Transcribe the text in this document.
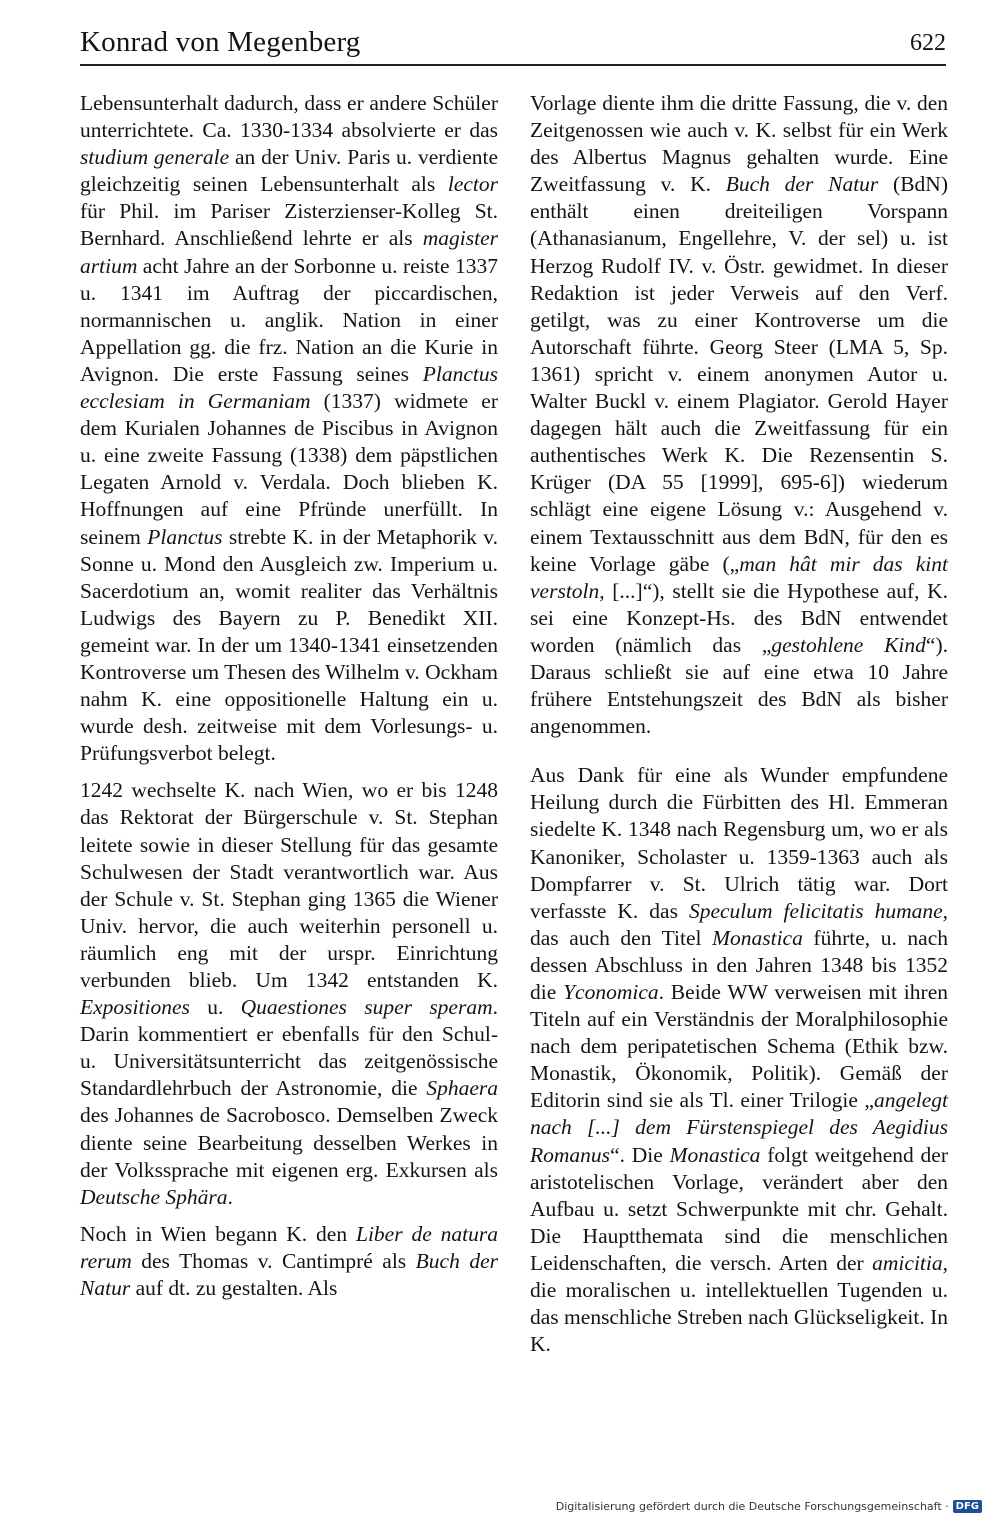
Konrad von Megenberg	622

Lebensunterhalt dadurch, dass er andere Schüler unterrichtete. Ca. 1330-1334 absolvierte er das studium generale an der Univ. Paris u. verdiente gleichzeitig seinen Lebensunterhalt als lector für Phil. im Pariser Zisterzienser-Kolleg St. Bernhard. Anschließend lehrte er als magister artium acht Jahre an der Sorbonne u. reiste 1337 u. 1341 im Auftrag der piccardischen, normannischen u. anglik. Nation in einer Appellation gg. die frz. Nation an die Kurie in Avignon. Die erste Fassung seines Planctus ecclesiam in Germaniam (1337) widmete er dem Kurialen Johannes de Piscibus in Avignon u. eine zweite Fassung (1338) dem päpstlichen Legaten Arnold v. Verdala. Doch blieben K. Hoffnungen auf eine Pfründe unerfüllt. In seinem Planctus strebte K. in der Metaphorik v. Sonne u. Mond den Ausgleich zw. Imperium u. Sacerdotium an, womit realiter das Verhältnis Ludwigs des Bayern zu P. Benedikt XII. gemeint war. In der um 1340-1341 einsetzenden Kontroverse um Thesen des Wilhelm v. Ockham nahm K. eine oppositionelle Haltung ein u. wurde desh. zeitweise mit dem Vorlesungs- u. Prüfungsverbot belegt.

1242 wechselte K. nach Wien, wo er bis 1248 das Rektorat der Bürgerschule v. St. Stephan leitete sowie in dieser Stellung für das gesamte Schulwesen der Stadt verantwortlich war. Aus der Schule v. St. Stephan ging 1365 die Wiener Univ. hervor, die auch weiterhin personell u. räumlich eng mit der urspr. Einrichtung verbunden blieb. Um 1342 entstanden K. Expositiones u. Quaestiones super speram. Darin kommentiert er ebenfalls für den Schul- u. Universitätsunterricht das zeitgenössische Standardlehrbuch der Astronomie, die Sphaera des Johannes de Sacrobosco. Demselben Zweck diente seine Bearbeitung desselben Werkes in der Volkssprache mit eigenen erg. Exkursen als Deutsche Sphära.

Noch in Wien begann K. den Liber de natura rerum des Thomas v. Cantimpré als Buch der Natur auf dt. zu gestalten. Als

Vorlage diente ihm die dritte Fassung, die v. den Zeitgenossen wie auch v. K. selbst für ein Werk des Albertus Magnus gehalten wurde. Eine Zweitfassung v. K. Buch der Natur (BdN) enthält einen dreiteiligen Vorspann (Athanasianum, Engellehre, V. der sel) u. ist Herzog Rudolf IV. v. Östr. gewidmet. In dieser Redaktion ist jeder Verweis auf den Verf. getilgt, was zu einer Kontroverse um die Autorschaft führte. Georg Steer (LMA 5, Sp. 1361) spricht v. einem anonymen Autor u. Walter Buckl v. einem Plagiator. Gerold Hayer dagegen hält auch die Zweitfassung für ein authentisches Werk K. Die Rezensentin S. Krüger (DA 55 [1999], 695-6]) wiederum schlägt eine eigene Lösung v.: Ausgehend v. einem Textausschnitt aus dem BdN, für den es keine Vorlage gäbe („man hât mir das kint verstoln, [...]“), stellt sie die Hypothese auf, K. sei eine Konzept-Hs. des BdN entwendet worden (nämlich das „gestohlene Kind“). Daraus schließt sie auf eine etwa 10 Jahre frühere Entstehungszeit des BdN als bisher angenommen.

Aus Dank für eine als Wunder empfundene Heilung durch die Fürbitten des Hl. Emmeran siedelte K. 1348 nach Regensburg um, wo er als Kanoniker, Scholaster u. 1359-1363 auch als Dompfarrer v. St. Ulrich tätig war. Dort verfasste K. das Speculum felicitatis humane, das auch den Titel Monastica führte, u. nach dessen Abschluss in den Jahren 1348 bis 1352 die Yconomica. Beide WW verweisen mit ihren Titeln auf ein Verständnis der Moralphilosophie nach dem peripatetischen Schema (Ethik bzw. Monastik, Ökonomik, Politik). Gemäß der Editorin sind sie als Tl. einer Trilogie „angelegt nach [...] dem Fürstenspiegel des Aegidius Romanus“. Die Monastica folgt weitgehend der aristotelischen Vorlage, verändert aber den Aufbau u. setzt Schwerpunkte mit chr. Gehalt. Die Hauptthemata sind die menschlichen Leidenschaften, die versch. Arten der amicitia, die moralischen u. intellektuellen Tugenden u. das menschliche Streben nach Glückseligkeit. In K.

Digitalisierung gefördert durch die Deutsche Forschungsgemeinschaft · DFG
